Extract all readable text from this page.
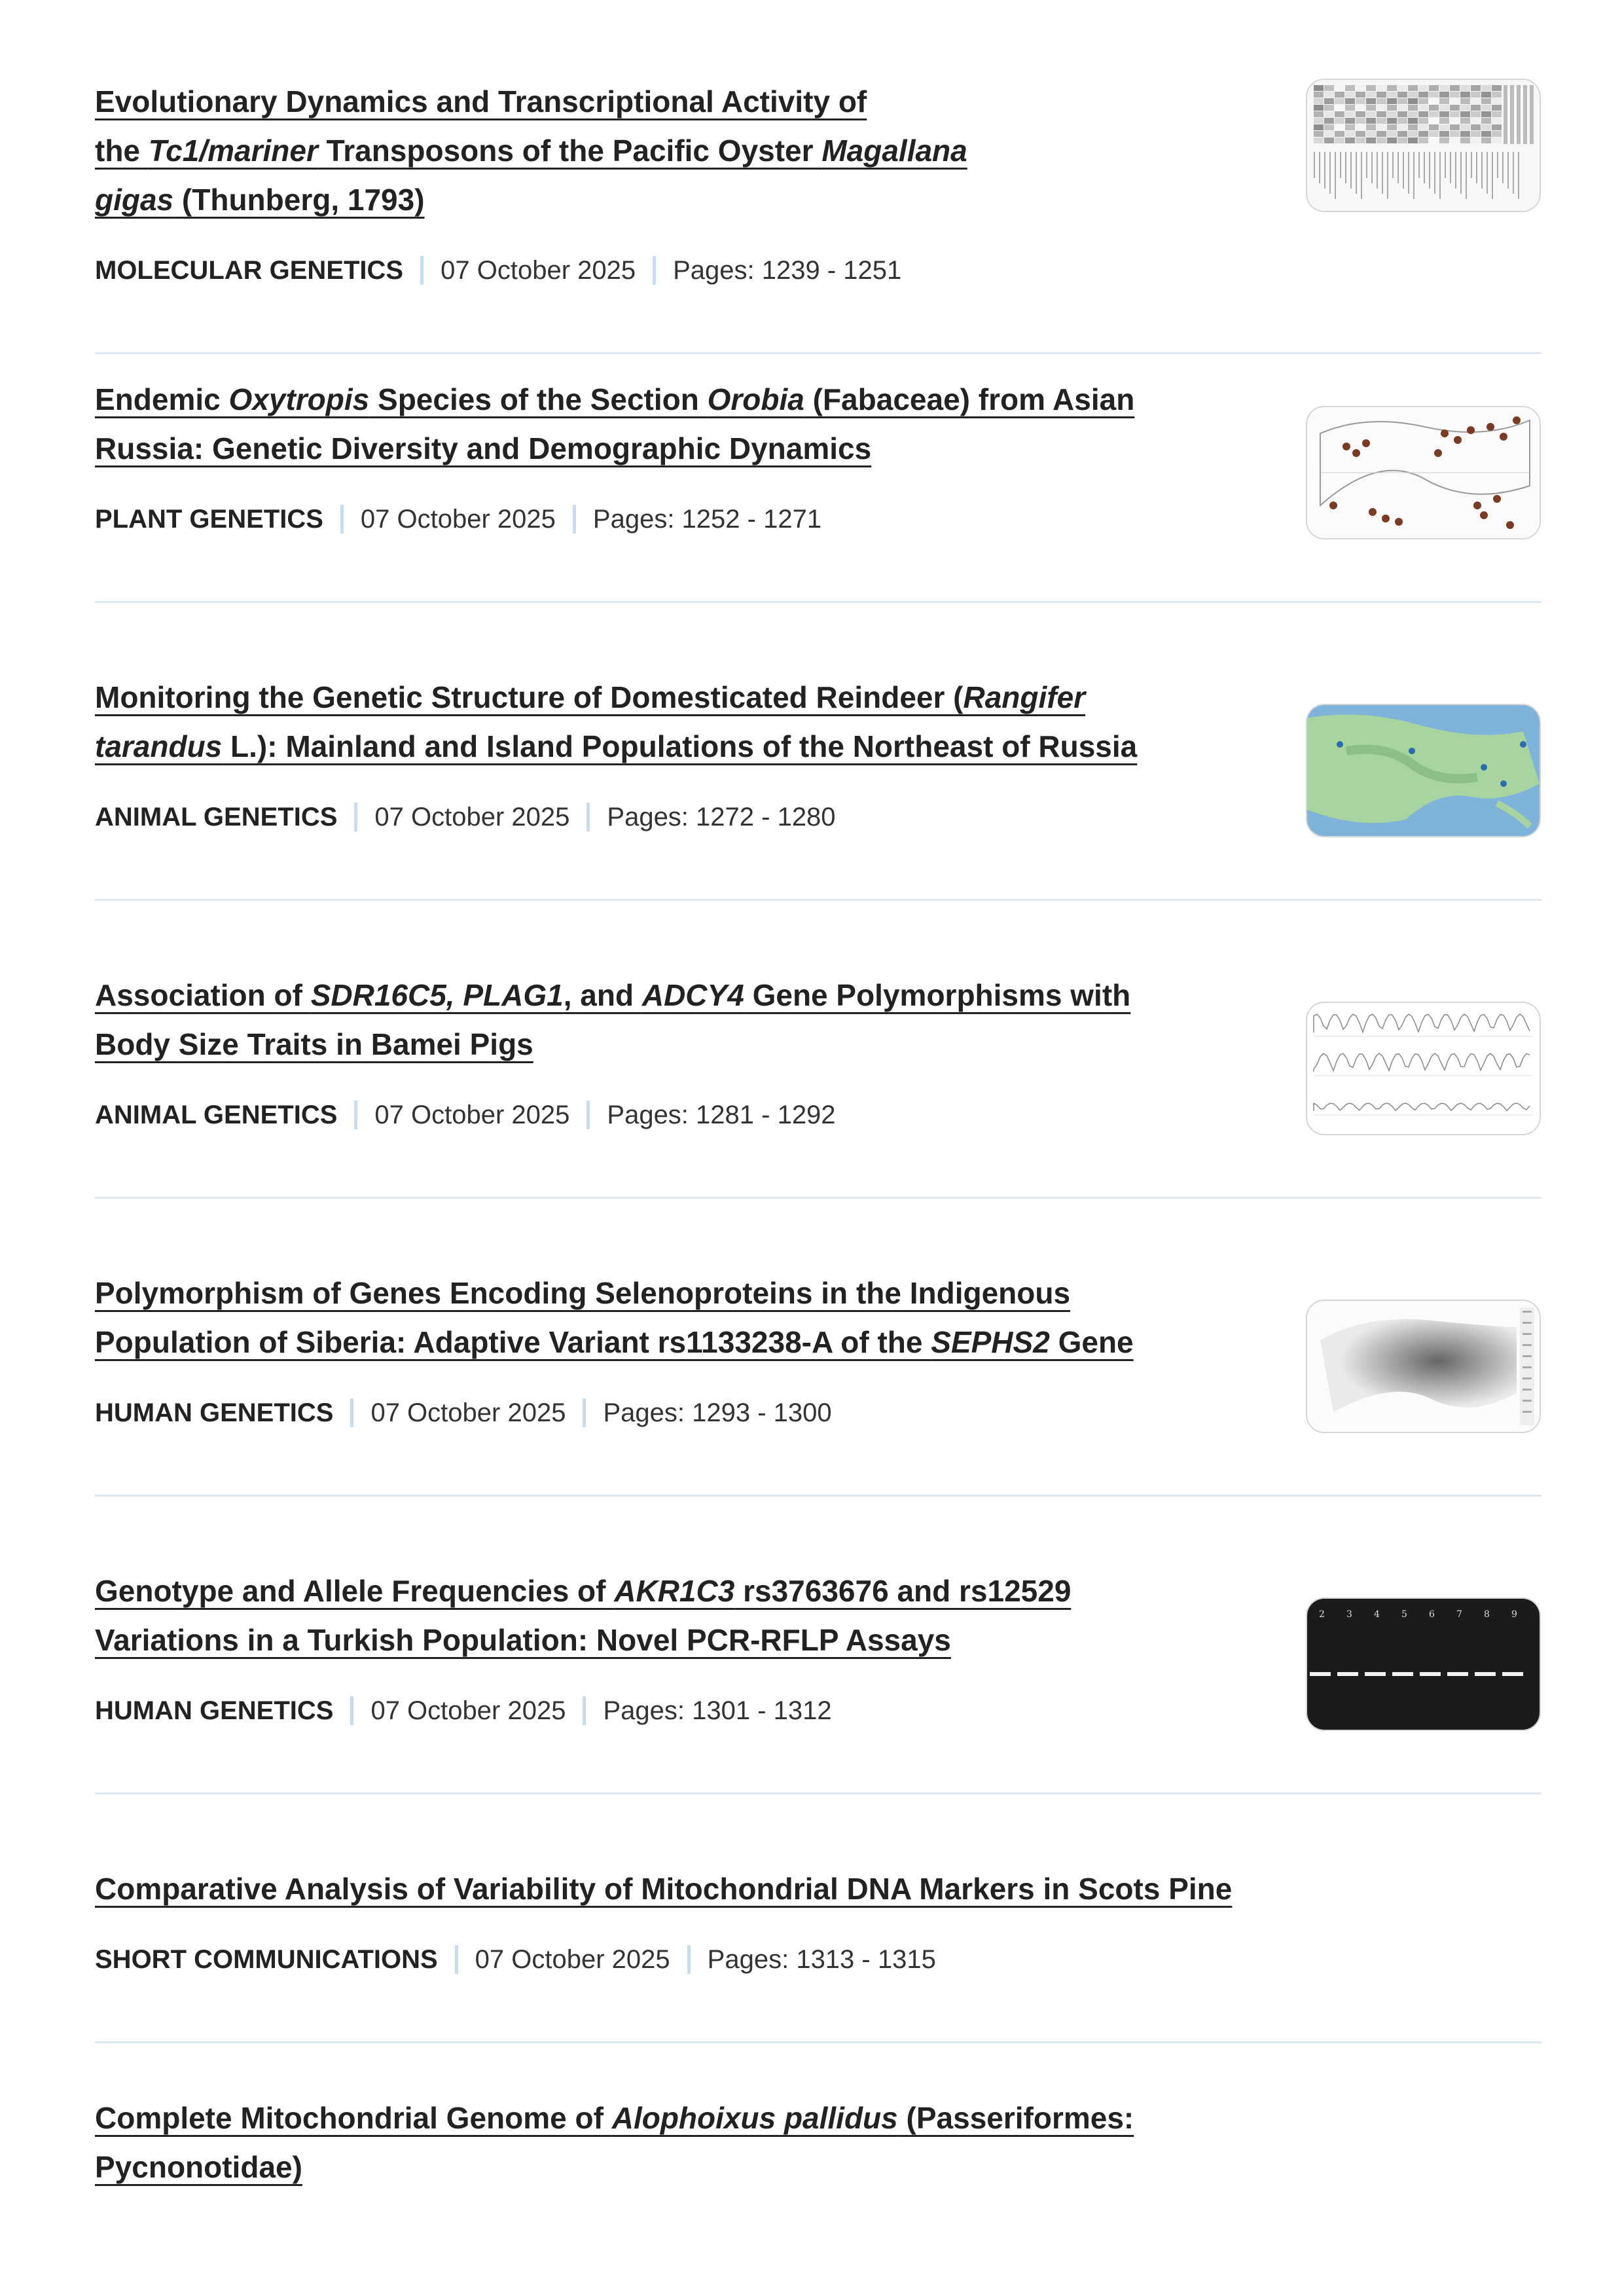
Evolutionary Dynamics and Transcriptional Activity of
the Tc1/mariner Transposons of the Pacific Oyster Magallana
gigas (Thunberg, 1793)
MOLECULAR GENETICS 07 October 2025 Pages: 1239 - 1251
Endemic Oxytropis Species of the Section Orobia (Fabaceae) from Asian
Russia: Genetic Diversity and Demographic Dynamics
PLANT GENETICS 07 October 2025 Pages: 1252 - 1271
Monitoring the Genetic Structure of Domesticated Reindeer (Rangifer
tarandus L.): Mainland and Island Populations of the Northeast of Russia
ANIMAL GENETICS 07 October 2025 Pages: 1272 - 1280
Association of SDR16C5, PLAG1, and ADCY4 Gene Polymorphisms with
Body Size Traits in Bamei Pigs
ANIMAL GENETICS 07 October 2025 Pages: 1281 - 1292
Polymorphism of Genes Encoding Selenoproteins in the Indigenous
Population of Siberia: Adaptive Variant rs1133238-A of the SEPHS2 Gene
HUMAN GENETICS 07 October 2025 Pages: 1293 - 1300
Genotype and Allele Frequencies of AKR1C3 rs3763676 and rs12529
Variations in a Turkish Population: Novel PCR-RFLP Assays
HUMAN GENETICS 07 October 2025 Pages: 1301 - 1312
2 3 4 5 6 7 8 9
Comparative Analysis of Variability of Mitochondrial DNA Markers in Scots Pine
SHORT COMMUNICATIONS 07 October 2025 Pages: 1313 - 1315
Complete Mitochondrial Genome of Alophoixus pallidus (Passeriformes:
Pycnonotidae)
